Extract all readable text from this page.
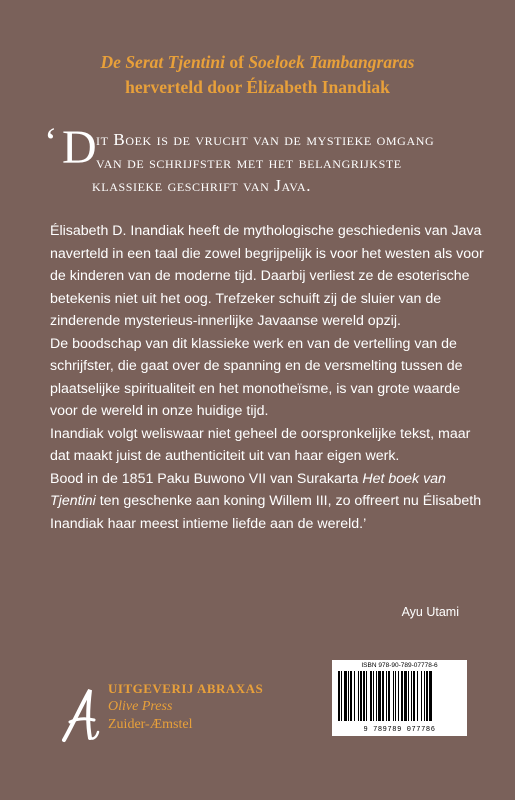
De Serat Tjentini of Soeloek Tambangraras
herverteld door Élizabeth Inandiak
‘ D it Boek is de vrucht van de mystieke omgang
van de schrijfster met het belangrijkste
klassieke geschrift van Java.

Élisabeth D. Inandiak heeft de mythologische geschiedenis van Java naverteld in een taal die zowel begrijpelijk is voor het westen als voor de kinderen van de moderne tijd. Daarbij verliest ze de esoterische betekenis niet uit het oog. Trefzeker schuift zij de sluier van de zinderende mysterieus-innerlijke Javaanse wereld opzij.

De boodschap van dit klassieke werk en van de vertelling van de schrijfster, die gaat over de spanning en de versmelting tussen de plaatselijke spiritualiteit en het monotheïsme, is van grote waarde voor de wereld in onze huidige tijd.

Inandiak volgt weliswaar niet geheel de oorspronkelijke tekst, maar dat maakt juist de authenticiteit uit van haar eigen werk.

Bood in de 1851 Paku Buwono VII van Surakarta Het boek van Tjentini ten geschenke aan koning Willem III, zo offreert nu Élisabeth Inandiak haar meest intieme liefde aan de wereld.’

Ayu Utami
UITGEVERIJ ABRAXAS
Olive Press
Zuider-Æmstel
ISBN 978-90-789-07778-6
9 789789 077786
